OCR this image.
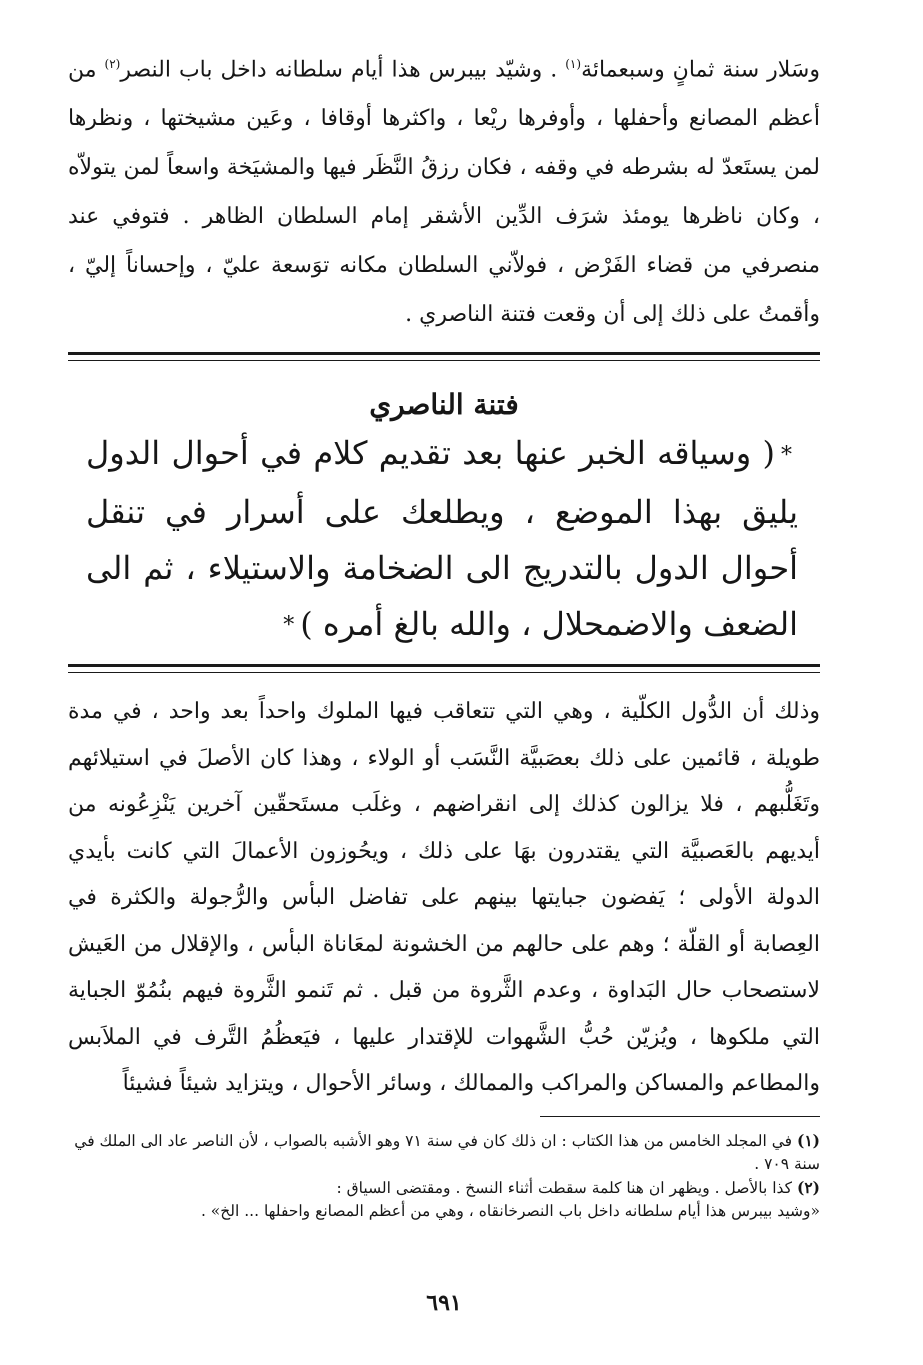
وسَلار سنة ثمانٍ وسبعمائة$^{(١)}$ . وشيّد بيبرس هذا أيام سلطانه داخل باب النصر$^{(٢)}$ من أعظم المصانع وأحفلها ، وأوفرها ريْعا ، واكثرها أوقافا ، وعَين مشيختها ، ونظرها لمن يستَعدّ له بشرطه في وقفه ، فكان رزقُ النَّظَر فيها والمشيَخة واسعاً لمن يتولاّه ، وكان ناظرها يومئذ شرَف الدِّين الأشقر إمام السلطان الظاهر . فتوفي عند منصرفي من قضاء الفَرْض ، فولاّني السلطان مكانه توَسعة عليّ ، وإحساناً إليّ ، وأقمتُ على ذلك إلى أن وقعت فتنة الناصري .

فتنة الناصري

*( وسياقه الخبر عنها بعد تقديم كلام في أحوال الدول يليق بهذا الموضع ، ويطلعك على أسرار في تنقل أحوال الدول بالتدريج الى الضخامة والاستيلاء ، ثم الى الضعف والاضمحلال ، والله بالغ أمره )*

وذلك أن الدُّول الكلّية ، وهي التي تتعاقب فيها الملوك واحداً بعد واحد ، في مدة طويلة ، قائمين على ذلك بعصَبيَّة النَّسَب أو الولاء ، وهذا كان الأصلَ في استيلائهم وتَغَلُّبهم ، فلا يزالون كذلك إلى انقراضهم ، وغلَب مستَحقّين آخرين يَنْزِعُونه من أيديهم بالعَصبيَّة التي يقتدرون بهَا على ذلك ، ويحُوزون الأعمالَ التي كانت بأيدي الدولة الأولى ؛ يَفضون جبايتها بينهم على تفاضل البأس والرُّجولة والكثرة في العِصابة أو القلّة ؛ وهم على حالهم من الخشونة لمعَاناة البأس ، والإقلال من العَيش لاستصحاب حال البَداوة ، وعدم الثَّروة من قبل . ثم تَنمو الثَّروة فيهم بنُمُوّ الجباية التي ملكوها ، ويُزيّن حُبُّ الشَّهوات للإقتدار عليها ، فيَعظُمُ التَّرف في الملاَبس والمطاعم والمساكن والمراكب والممالك ، وسائر الأحوال ، ويتزايد شيئاً فشيئاً

(١) في المجلد الخامس من هذا الكتاب : ان ذلك كان في سنة ٧١ وهو الأشبه بالصواب ، لأن الناصر عاد الى الملك في سنة ٧٠٩ .

(٢) كذا بالأصل . ويظهر ان هنا كلمة سقطت أثناء النسخ . ومقتضى السياق :

«وشيد بيبرس هذا أيام سلطانه داخل باب النصرخانقاه ، وهي من أعظم المصانع واحفلها ... الخ» .

٦٩١
